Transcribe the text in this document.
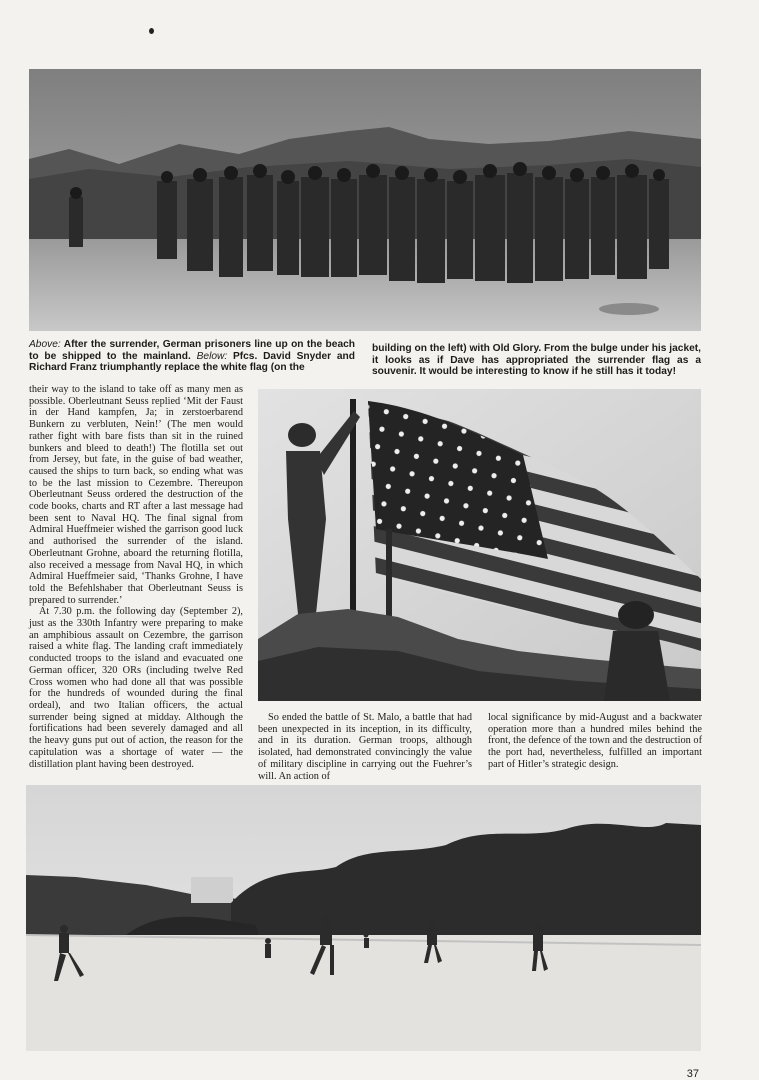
Above: After the surrender, German prisoners line up on the beach to be shipped to the mainland. Below: Pfcs. David Snyder and Richard Franz triumphantly replace the white flag (on the

building on the left) with Old Glory. From the bulge under his jacket, it looks as if Dave has appropriated the surrender flag as a souvenir. It would be interesting to know if he still has it today!

their way to the island to take off as many men as possible. Oberleutnant Seuss replied ‘Mit der Faust in der Hand kampfen, Ja; in zerstoerbarend Bunkern zu verbluten, Nein!’ (The men would rather fight with bare fists than sit in the ruined bunkers and bleed to death!) The flotilla set out from Jersey, but fate, in the guise of bad weather, caused the ships to turn back, so ending what was to be the last mission to Cezembre. Thereupon Oberleutnant Seuss ordered the destruction of the code books, charts and RT after a last message had been sent to Naval HQ. The final signal from Admiral Hueffmeier wished the garrison good luck and authorised the surrender of the island. Oberleutnant Grohne, aboard the returning flotilla, also received a message from Naval HQ, in which Admiral Hueffmeier said, ‘Thanks Grohne, I have told the Befehlshaber that Oberleutnant Seuss is prepared to surrender.’

At 7.30 p.m. the following day (September 2), just as the 330th Infantry were preparing to make an amphibious assault on Cezembre, the garrison raised a white flag. The landing craft immediately conducted troops to the island and evacuated one German officer, 320 ORs (including twelve Red Cross women who had done all that was possible for the hundreds of wounded during the final ordeal), and two Italian officers, the actual surrender being signed at midday. Although the fortifications had been severely damaged and all the heavy guns put out of action, the reason for the capitulation was a shortage of water — the distillation plant having been destroyed.

So ended the battle of St. Malo, a battle that had been unexpected in its inception, in its difficulty, and in its duration. German troops, although isolated, had demonstrated convincingly the value of military discipline in carrying out the Fuehrer’s will. An action of

local significance by mid-August and a backwater operation more than a hundred miles behind the front, the defence of the town and the destruction of the port had, nevertheless, fulfilled an important part of Hitler’s strategic design.

37
